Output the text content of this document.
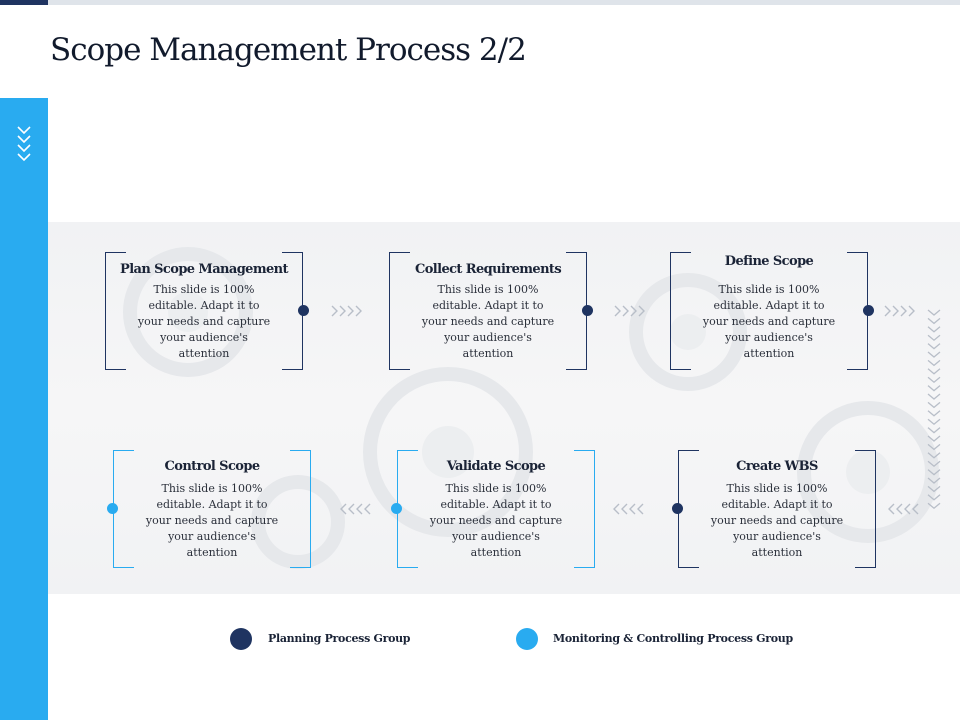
Scope Management Process 2/2
Plan Scope Management
This slide is 100% editable. Adapt it to your needs and capture your audience's attention
Collect Requirements
This slide is 100% editable. Adapt it to your needs and capture your audience's attention
Define Scope
This slide is 100% editable. Adapt it to your needs and capture your audience's attention
Create WBS
This slide is 100% editable. Adapt it to your needs and capture your audience's attention
Validate Scope
This slide is 100% editable. Adapt it to your needs and capture your audience's attention
Control Scope
This slide is 100% editable. Adapt it to your needs and capture your audience's attention
Planning Process Group	Monitoring & Controlling Process Group
